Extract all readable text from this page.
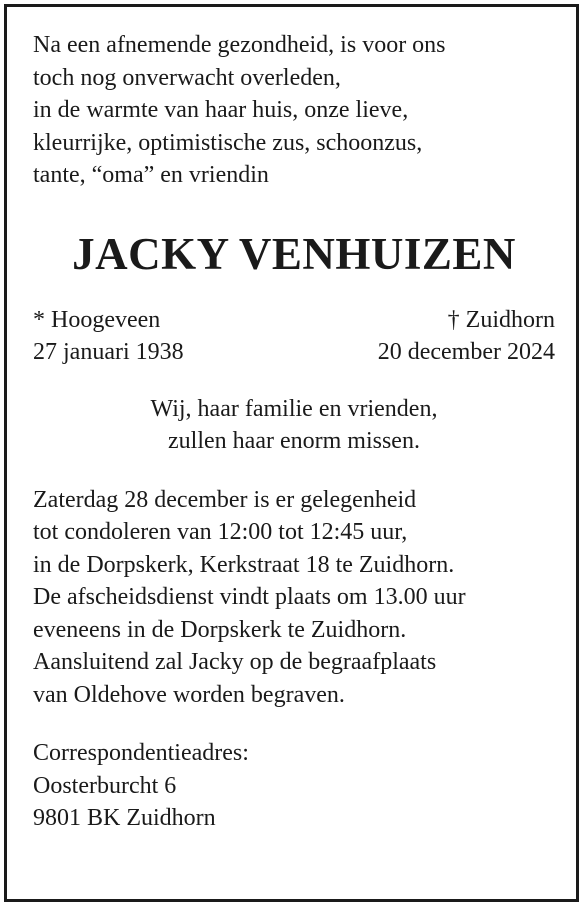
Na een afnemende gezondheid, is voor ons
toch nog onverwacht overleden,
in de warmte van haar huis, onze lieve,
kleurrijke, optimistische zus, schoonzus,
tante, “oma” en vriendin
JACKY VENHUIZEN
* Hoogeveen
27 januari 1938
† Zuidhorn
20 december 2024
Wij, haar familie en vrienden,
zullen haar enorm missen.
Zaterdag 28 december is er gelegenheid
tot condoleren van 12:00 tot 12:45 uur,
in de Dorpskerk, Kerkstraat 18 te Zuidhorn.
De afscheidsdienst vindt plaats om 13.00 uur
eveneens in de Dorpskerk te Zuidhorn.
Aansluitend zal Jacky op de begraafplaats
van Oldehove worden begraven.
Correspondentieadres:
Oosterburcht 6
9801 BK Zuidhorn
